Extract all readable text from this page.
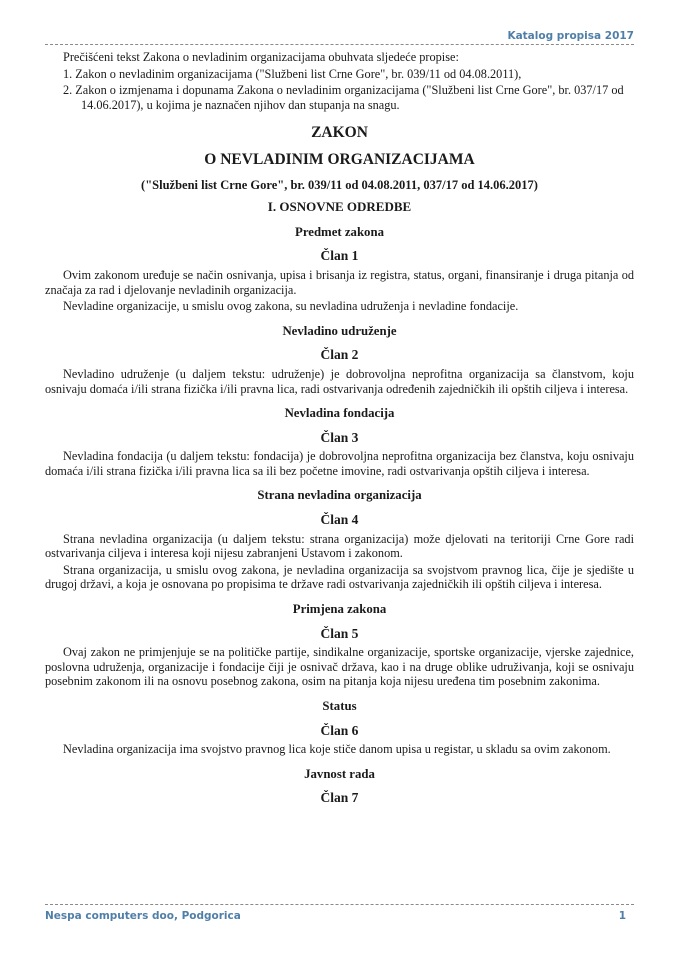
Katalog propisa 2017

Prečišćeni tekst Zakona o nevladinim organizacijama obuhvata sljedeće propise:

1. Zakon o nevladinim organizacijama ("Službeni list Crne Gore", br. 039/11 od 04.08.2011),
2. Zakon o izmjenama i dopunama Zakona o nevladinim organizacijama ("Službeni list Crne Gore", br. 037/17 od 14.06.2017), u kojima je naznačen njihov dan stupanja na snagu.
ZAKON
O NEVLADINIM ORGANIZACIJAMA
("Službeni list Crne Gore", br. 039/11 od 04.08.2011, 037/17 od 14.06.2017)
I. OSNOVNE ODREDBE
Predmet zakona
Član 1

Ovim zakonom uređuje se način osnivanja, upisa i brisanja iz registra, status, organi, finansiranje i druga pitanja od značaja za rad i djelovanje nevladinih organizacija.

Nevladine organizacije, u smislu ovog zakona, su nevladina udruženja i nevladine fondacije.

Nevladino udruženje
Član 2

Nevladino udruženje (u daljem tekstu: udruženje) je dobrovoljna neprofitna organizacija sa članstvom, koju osnivaju domaća i/ili strana fizička i/ili pravna lica, radi ostvarivanja određenih zajedničkih ili opštih ciljeva i interesa.

Nevladina fondacija
Član 3

Nevladina fondacija (u daljem tekstu: fondacija) je dobrovoljna neprofitna organizacija bez članstva, koju osnivaju domaća i/ili strana fizička i/ili pravna lica sa ili bez početne imovine, radi ostvarivanja opštih ciljeva i interesa.

Strana nevladina organizacija
Član 4

Strana nevladina organizacija (u daljem tekstu: strana organizacija) može djelovati na teritoriji Crne Gore radi ostvarivanja ciljeva i interesa koji nijesu zabranjeni Ustavom i zakonom.

Strana organizacija, u smislu ovog zakona, je nevladina organizacija sa svojstvom pravnog lica, čije je sjedište u drugoj državi, a koja je osnovana po propisima te države radi ostvarivanja zajedničkih ili opštih ciljeva i interesa.

Primjena zakona
Član 5

Ovaj zakon ne primjenjuje se na političke partije, sindikalne organizacije, sportske organizacije, vjerske zajednice, poslovna udruženja, organizacije i fondacije čiji je osnivač država, kao i na druge oblike udruživanja, koji se osnivaju posebnim zakonom ili na osnovu posebnog zakona, osim na pitanja koja nijesu uređena tim posebnim zakonima.

Status
Član 6

Nevladina organizacija ima svojstvo pravnog lica koje stiče danom upisa u registar, u skladu sa ovim zakonom.

Javnost rada
Član 7
Nespa computers doo, Podgorica	1
